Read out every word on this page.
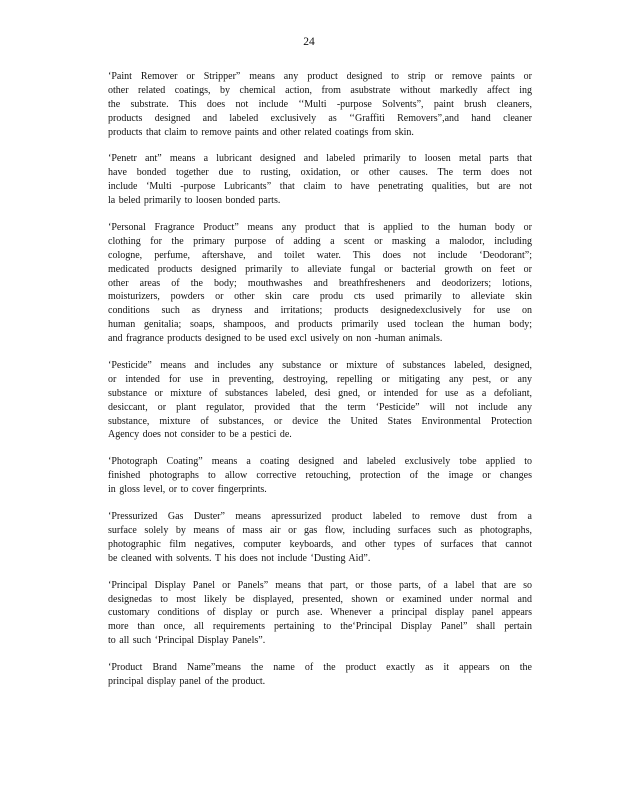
24
‘Paint Remover or Stripper” means any product designed to strip or remove paints or
other related coatings, by chemical action, from asubstrate without markedly affect ing
the substrate. This does not include ‘‘Multi -purpose Solvents”, paint brush cleaners,
products designed and labeled exclusively as ‘‘Graffiti Removers”,and hand cleaner
products that claim to remove paints and other related coatings from skin.
‘Penetr ant” means a lubricant designed and labeled primarily to loosen metal parts that
have bonded together due to rusting, oxidation, or other causes. The term does not
include ‘Multi -purpose Lubricants” that claim to have penetrating qualities, but are not
la beled primarily to loosen bonded parts.
‘Personal Fragrance Product” means any product that is applied to the human body or
clothing for the primary purpose of adding a scent or masking a malodor, including
cologne, perfume, aftershave, and toilet water. This does not include ‘Deodorant”;
medicated products designed primarily to alleviate fungal or bacterial growth on feet or
other areas of the body; mouthwashes and breathfresheners and deodorizers; lotions,
moisturizers, powders or other skin care produ cts used primarily to alleviate skin
conditions such as dryness and irritations; products designedexclusively for use on
human genitalia; soaps, shampoos, and products primarily used toclean the human body;
and fragrance products designed to be used excl usively on non -human animals.
‘Pesticide” means and includes any substance or mixture of substances labeled, designed,
or intended for use in preventing, destroying, repelling or mitigating any pest, or any
substance or mixture of substances labeled, desi gned, or intended for use as a defoliant,
desiccant, or plant regulator, provided that the term ‘Pesticide” will not include any
substance, mixture of substances, or device the United States Environmental Protection
Agency does not consider to be a pestici de.
‘Photograph Coating” means a coating designed and labeled exclusively tobe applied to
finished photographs to allow corrective retouching, protection of the image or changes
in gloss level, or to cover fingerprints.
‘Pressurized Gas Duster” means apressurized product labeled to remove dust from a
surface solely by means of mass air or gas flow, including surfaces such as photographs,
photographic film negatives, computer keyboards, and other types of surfaces that cannot
be cleaned with solvents. T his does not include ‘Dusting Aid”.
‘Principal Display Panel or Panels” means that part, or those parts, of a label that are so
designedas to most likely be displayed, presented, shown or examined under normal and
customary conditions of display or purch ase. Whenever a principal display panel appears
more than once, all requirements pertaining to the‘Principal Display Panel” shall pertain
to all such ‘Principal Display Panels”.
‘Product Brand Name”means the name of the product exactly as it appears on the
principal display panel of the product.
